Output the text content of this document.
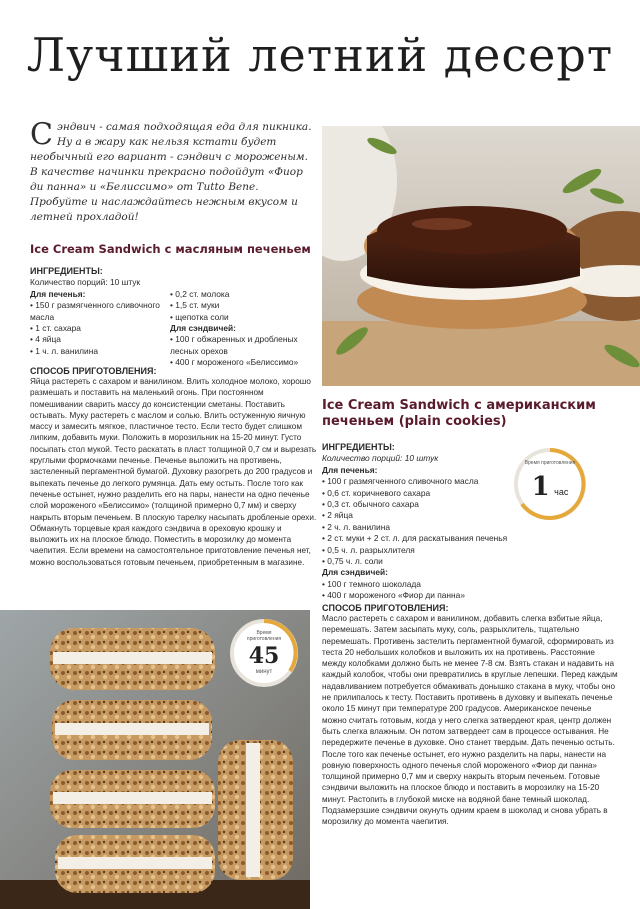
Лучший летний десерт
Сэндвич - самая подходящая еда для пикника. Ну а в жару как нельзя кстати будет необычный его вариант - сэндвич с мороженым. В качестве начинки прекрасно подойдут «Фиор ди панна» и «Белиссимо» от Tutto Bene. Пробуйте и наслаждайтесь нежным вкусом и летней прохладой!
Ice Cream Sandwich с масляным печеньем
ИНГРЕДИЕНТЫ:
Количество порций: 10 штук
Для печенья:
• 150 г размягченного сливочного масла
• 1 ст. сахара
• 4 яйца
• 1 ч. л. ванилина
• 0,2 ст. молока
• 1,5 ст. муки
• щепотка соли
Для сэндвичей:
• 100 г обжаренных и дробленых лесных орехов
• 400 г мороженого «Белиссимо»
СПОСОБ ПРИГОТОВЛЕНИЯ:
Яйца растереть с сахаром и ванилином. Влить холодное молоко, хорошо размешать и поставить на маленький огонь. При постоянном помешивании сварить массу до консистенции сметаны. Поставить остывать. Муку растереть с маслом и солью. Влить остуженную яичную массу и замесить мягкое, пластичное тесто. Если тесто будет слишком липким, добавить муки. Положить в морозильник на 15-20 минут. Густо посыпать стол мукой. Тесто раскатать в пласт толщиной 0,7 см и вырезать круглыми формочками печенье. Печенье выложить на противень, застеленный пергаментной бумагой. Духовку разогреть до 200 градусов и выпекать печенье до легкого румянца. Дать ему остыть. После того как печенье остынет, нужно разделить его на пары, нанести на одно печенье слой мороженого «Белиссимо» (толщиной примерно 0,7 мм) и сверху накрыть вторым печеньем. В плоскую тарелку насыпать дробленые орехи. Обмакнуть торцевые края каждого сэндвича в ореховую крошку и выложить их на плоское блюдо. Поместить в морозилку до момента чаепития. Если времени на самостоятельное приготовление печенья нет, можно воспользоваться готовым печеньем, приобретенным в магазине.
Ice Cream Sandwich с американским печеньем (plain cookies)
ИНГРЕДИЕНТЫ:
Количество порций: 10 штук
Для печенья:
• 100 г размягченного сливочного масла
• 0,6 ст. коричневого сахара
• 0,3 ст. обычного сахара
• 2 яйца
• 2 ч. л. ванилина
• 2 ст. муки + 2 ст. л. для раскатывания печенья
• 0,5 ч. л. разрыхлителя
• 0,75 ч. л. соли
Для сэндвичей:
• 100 г темного шоколада
• 400 г мороженого «Фиор ди панна»
Время приготовления
1 час
СПОСОБ ПРИГОТОВЛЕНИЯ:
Масло растереть с сахаром и ванилином, добавить слегка взбитые яйца, перемешать. Затем засыпать муку, соль, разрыхлитель, тщательно перемешать. Противень застелить пергаментной бумагой, сформировать из теста 20 небольших колобков и выложить их на противень. Расстояние между колобками должно быть не менее 7-8 см. Взять стакан и надавить на каждый колобок, чтобы они превратились в круглые лепешки. Перед каждым надавливанием потребуется обмакивать донышко стакана в муку, чтобы оно не прилипалось к тесту. Поставить противень в духовку и выпекать печенье около 15 минут при температуре 200 градусов. Американское печенье можно считать готовым, когда у него слегка затвердеют края, центр должен быть слегка влажным. Он потом затвердеет сам в процессе остывания. Не передержите печенье в духовке. Оно станет твердым. Дать печенью остыть. После того как печенье остынет, его нужно разделить на пары, нанести на ровную поверхность одного печенья слой мороженого «Фиор ди панна» толщиной примерно 0,7 мм и сверху накрыть вторым печеньем. Готовые сэндвичи выложить на плоское блюдо и поставить в морозилку на 15-20 минут. Растопить в глубокой миске на водяной бане темный шоколад. Подзамерзшие сэндвичи окунуть одним краем в шоколад и снова убрать в морозилку до момента чаепития.
Время приготовления
45
минут
